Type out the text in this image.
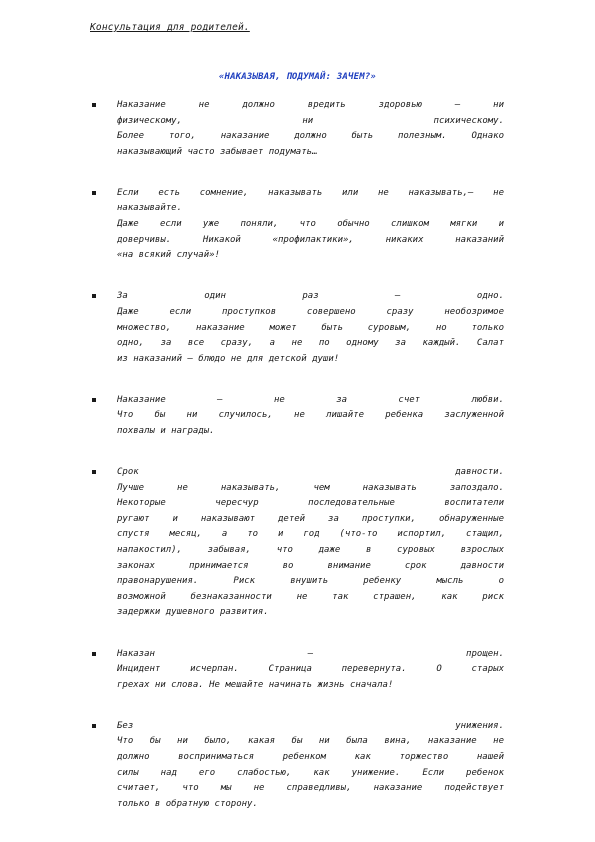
Консультация для родителей.
«НАКАЗЫВАЯ, ПОДУМАЙ: ЗАЧЕМ?»
Наказание не должно вредить здоровью – ни
физическому, ни психическому.
Более того, наказание должно быть полезным. Однако
наказывающий часто забывает подумать…
Если есть сомнение, наказывать или не наказывать,– не
наказывайте.
Даже если уже поняли, что обычно слишком мягки и
доверчивы. Никакой «профилактики», никаких наказаний
«на всякий случай»!
За один раз – одно.
Даже если проступков совершено сразу необозримое
множество, наказание может быть суровым, но только
одно, за все сразу, а не по одному за каждый. Салат
из наказаний – блюдо не для детской души!
Наказание – не за счет любви.
Что бы ни случилось, не лишайте ребенка заслуженной
похвалы и награды.
Срок давности.
Лучше не наказывать, чем наказывать запоздало.
Некоторые чересчур последовательные воспитатели
ругают и наказывают детей за проступки, обнаруженные
спустя месяц, а то и год (что-то испортил, стащил,
напакостил), забывая, что даже в суровых взрослых
законах принимается во внимание срок давности
правонарушения. Риск внушить ребенку мысль о
возможной безнаказанности не так страшен, как риск
задержки душевного развития.
Наказан – прощен.
Инцидент исчерпан. Страница перевернута. О старых
грехах ни слова. Не мешайте начинать жизнь сначала!
Без унижения.
Что бы ни было, какая бы ни была вина, наказание не
должно восприниматься ребенком как торжество нашей
силы над его слабостью, как унижение. Если ребенок
считает, что мы не справедливы, наказание подействует
только в обратную сторону.
